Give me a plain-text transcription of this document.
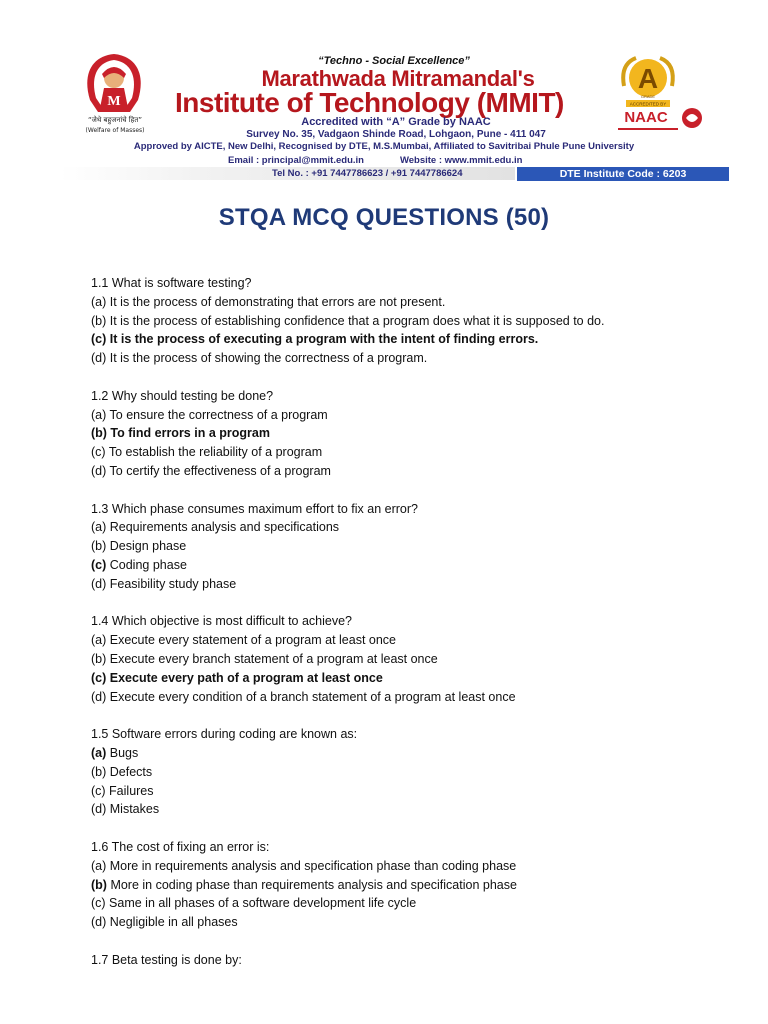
M
“जेथे बहुजनांचे हित”
(Welfare of Masses)
“Techno - Social Excellence”
Marathwada Mitramandal's
Institute of Technology (MMIT)
Accredited with “A” Grade by NAAC
Survey No. 35, Vadgaon Shinde Road, Lohgaon, Pune - 411 047
Approved by AICTE, New Delhi, Recognised by DTE, M.S.Mumbai, Affiliated to Savitribai Phule Pune University
Email : principal@mmit.edu.in	Website : www.mmit.edu.in
Tel No. : +91 7447786623 / +91 7447786624	DTE Institute Code : 6203
A
GRADE
ACCREDITED BY
NAAC
STQA MCQ QUESTIONS (50)
1.1 What is software testing?
(a) It is the process of demonstrating that errors are not present.
(b) It is the process of establishing confidence that a program does what it is supposed to do.
(c) It is the process of executing a program with the intent of finding errors.
(d) It is the process of showing the correctness of a program.
1.2 Why should testing be done?
(a) To ensure the correctness of a program
(b) To find errors in a program
(c) To establish the reliability of a program
(d) To certify the effectiveness of a program
1.3 Which phase consumes maximum effort to fix an error?
(a) Requirements analysis and specifications
(b) Design phase
(c) Coding phase
(d) Feasibility study phase
1.4 Which objective is most difficult to achieve?
(a) Execute every statement of a program at least once
(b) Execute every branch statement of a program at least once
(c) Execute every path of a program at least once
(d) Execute every condition of a branch statement of a program at least once
1.5 Software errors during coding are known as:
(a) Bugs
(b) Defects
(c) Failures
(d) Mistakes
1.6 The cost of fixing an error is:
(a) More in requirements analysis and specification phase than coding phase
(b) More in coding phase than requirements analysis and specification phase
(c) Same in all phases of a software development life cycle
(d) Negligible in all phases
1.7 Beta testing is done by:
